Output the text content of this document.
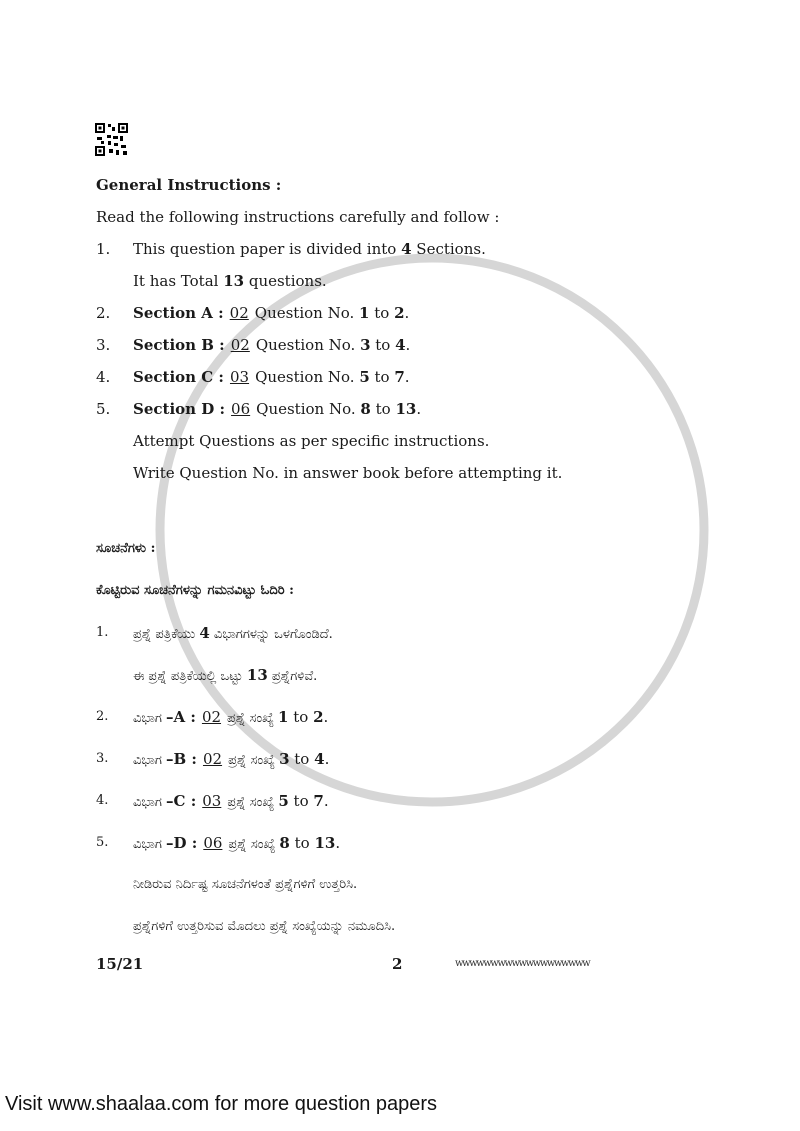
General Instructions :
Read the following instructions carefully and follow :
1. This question paper is divided into 4 Sections.
It has Total 13 questions.
2. Section A : 02 Question No. 1 to 2.
3. Section B : 02 Question No. 3 to 4.
4. Section C : 03 Question No. 5 to 7.
5. Section D : 06 Question No. 8 to 13.
Attempt Questions as per specific instructions.
Write Question No. in answer book before attempting it.
ಸೂಚನೆಗಳು :
ಕೊಟ್ಟಿರುವ ಸೂಚನೆಗಳನ್ನು ಗಮನವಿಟ್ಟು ಓದಿರಿ :
1. ಪ್ರಶ್ನೆ ಪತ್ರಿಕೆಯು 4 ವಿಭಾಗಗಳನ್ನು ಒಳಗೊಂಡಿದೆ.
ಈ ಪ್ರಶ್ನೆ ಪತ್ರಿಕೆಯಲ್ಲಿ ಒಟ್ಟು 13 ಪ್ರಶ್ನೆಗಳಿವೆ.
2. ವಿಭಾಗ –A : 02 ಪ್ರಶ್ನೆ ಸಂಖ್ಯೆ 1 to 2.
3. ವಿಭಾಗ –B : 02 ಪ್ರಶ್ನೆ ಸಂಖ್ಯೆ 3 to 4.
4. ವಿಭಾಗ –C : 03 ಪ್ರಶ್ನೆ ಸಂಖ್ಯೆ 5 to 7.
5. ವಿಭಾಗ –D : 06 ಪ್ರಶ್ನೆ ಸಂಖ್ಯೆ 8 to 13.
ನೀಡಿರುವ ನಿರ್ದಿಷ್ಟ ಸೂಚನೆಗಳಂತೆ ಪ್ರಶ್ನೆಗಳಿಗೆ ಉತ್ತರಿಸಿ.
ಪ್ರಶ್ನೆಗಳಿಗೆ ಉತ್ತರಿಸುವ ಮೊದಲು ಪ್ರಶ್ನೆ ಸಂಖ್ಯೆಯನ್ನು ನಮೂದಿಸಿ.
15/21	2	wwwwwwwwwwwwwwwwwww
Visit www.shaalaa.com for more question papers
